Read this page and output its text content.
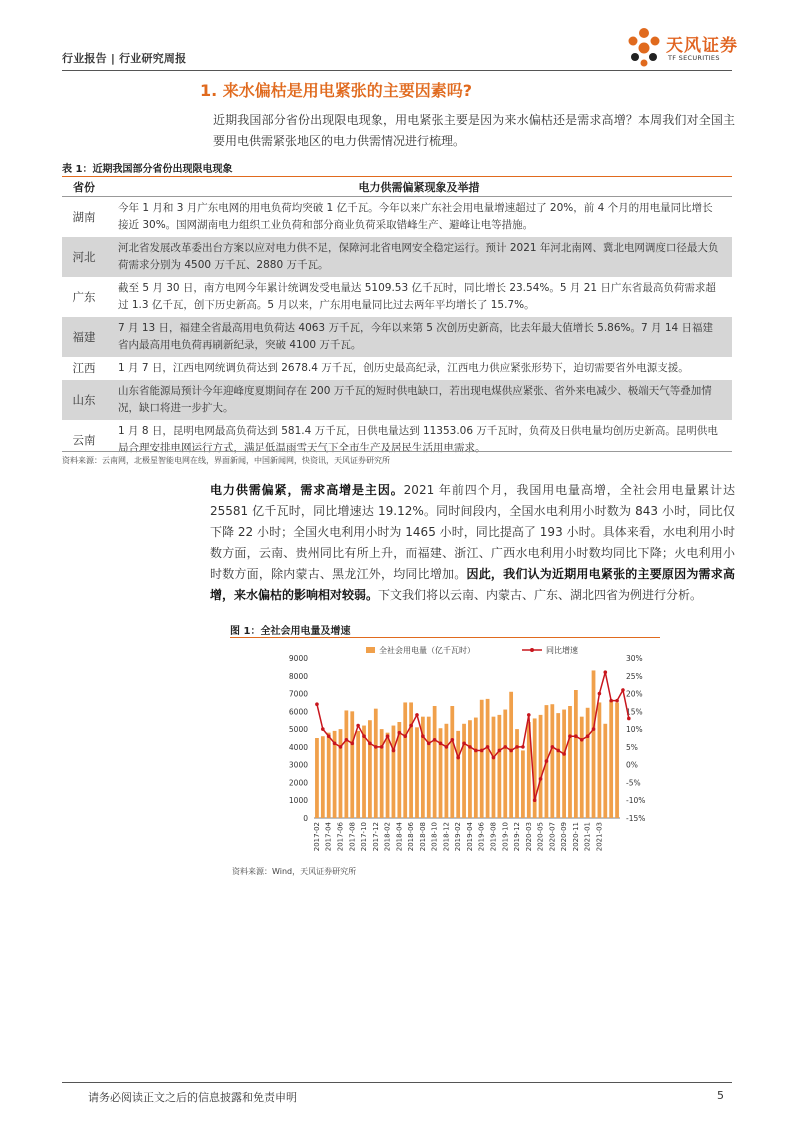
行业报告 | 行业研究周报
天风证券
TF SECURITIES
1. 来水偏枯是用电紧张的主要因素吗?
近期我国部分省份出现限电现象，用电紧张主要是因为来水偏枯还是需求高增？本周我们对全国主要用电供需紧张地区的电力供需情况进行梳理。
表 1：近期我国部分省份出现限电现象
省份	电力供需偏紧现象及举措
湖南	今年 1 月和 3 月广东电网的用电负荷均突破 1 亿千瓦。今年以来广东社会用电量增速超过了 20%，前 4 个月的用电量同比增长接近 30%。国网湖南电力组织工业负荷和部分商业负荷采取错峰生产、避峰让电等措施。
河北	河北省发展改革委出台方案以应对电力供不足，保障河北省电网安全稳定运行。预计 2021 年河北南网、冀北电网调度口径最大负荷需求分别为 4500 万千瓦、2880 万千瓦。
广东	截至 5 月 30 日，南方电网今年累计统调发受电量达 5109.53 亿千瓦时，同比增长 23.54%。5 月 21 日广东省最高负荷需求超过 1.3 亿千瓦，创下历史新高。5 月以来，广东用电量同比过去两年平均增长了 15.7%。
福建	7 月 13 日，福建全省最高用电负荷达 4063 万千瓦，今年以来第 5 次创历史新高，比去年最大值增长 5.86%。7 月 14 日福建省内最高用电负荷再刷新纪录，突破 4100 万千瓦。
江西	1 月 7 日，江西电网统调负荷达到 2678.4 万千瓦，创历史最高纪录，江西电力供应紧张形势下，迫切需要省外电源支援。
山东	山东省能源局预计今年迎峰度夏期间存在 200 万千瓦的短时供电缺口，若出现电煤供应紧张、省外来电减少、极端天气等叠加情况，缺口将进一步扩大。
云南	1 月 8 日，昆明电网最高负荷达到 581.4 万千瓦，日供电量达到 11353.06 万千瓦时，负荷及日供电量均创历史新高。昆明供电局合理安排电网运行方式，满足低温雨雪天气下全市生产及居民生活用电需求。
资料来源：云南网，北极星智能电网在线，界面新闻，中国新闻网，快资讯，天风证券研究所
电力供需偏紧，需求高增是主因。2021 年前四个月，我国用电量高增，全社会用电量累计达 25581 亿千瓦时，同比增速达 19.12%。同时间段内，全国水电利用小时数为 843 小时，同比仅下降 22 小时；全国火电利用小时为 1465 小时，同比提高了 193 小时。具体来看，水电利用小时数方面，云南、贵州同比有所上升，而福建、浙江、广西水电利用小时数均同比下降；火电利用小时数方面，除内蒙古、黑龙江外，均同比增加。因此，我们认为近期用电紧张的主要原因为需求高增，来水偏枯的影响相对较弱。下文我们将以云南、内蒙古、广东、湖北四省为例进行分析。
图 1：全社会用电量及增速
全社会用电量（亿千瓦时）	同比增速
0
1000
2000
3000
4000
5000
6000
7000
8000
9000
-15%
-10%
-5%
0%
5%
10%
15%
20%
25%
30%
2017-02 2017-04 2017-06 2017-08 2017-10 2017-12 2018-02 2018-04 2018-06 2018-08 2018-10 2018-12 2019-02 2019-04 2019-06 2019-08 2019-10 2019-12 2020-03 2020-05 2020-07 2020-09 2020-11 2021-01 2021-03
资料来源：Wind，天风证券研究所
请务必阅读正文之后的信息披露和免责申明	5
